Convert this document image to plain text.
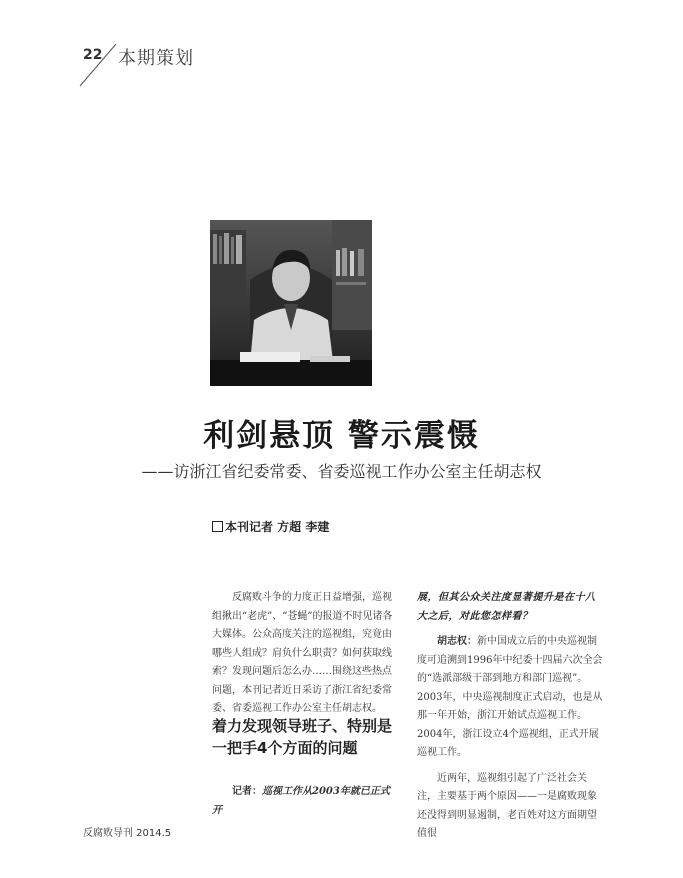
22 本期策划
利剑悬顶 警示震慑
——访浙江省纪委常委、省委巡视工作办公室主任胡志权
本刊记者 方超 李建
反腐败斗争的力度正日益增强，巡视组揪出“老虎”、“苍蝇”的报道不时见诸各大媒体。公众高度关注的巡视组，究竟由哪些人组成？肩负什么职责？如何获取线索？发现问题后怎么办……围绕这些热点问题，本刊记者近日采访了浙江省纪委常委、省委巡视工作办公室主任胡志权。
着力发现领导班子、特别是一把手4个方面的问题
记者：巡视工作从2003年就已正式开

展，但其公众关注度显著提升是在十八大之后，对此您怎样看？

胡志权：新中国成立后的中央巡视制度可追溯到1996年中纪委十四届六次全会的“选派部级干部到地方和部门巡视”。2003年，中央巡视制度正式启动，也是从那一年开始，浙江开始试点巡视工作。2004年，浙江设立4个巡视组，正式开展巡视工作。

近两年，巡视组引起了广泛社会关注，主要基于两个原因——一是腐败现象还没得到明显遏制，老百姓对这方面期望值很

反腐败导刊 2014.5
